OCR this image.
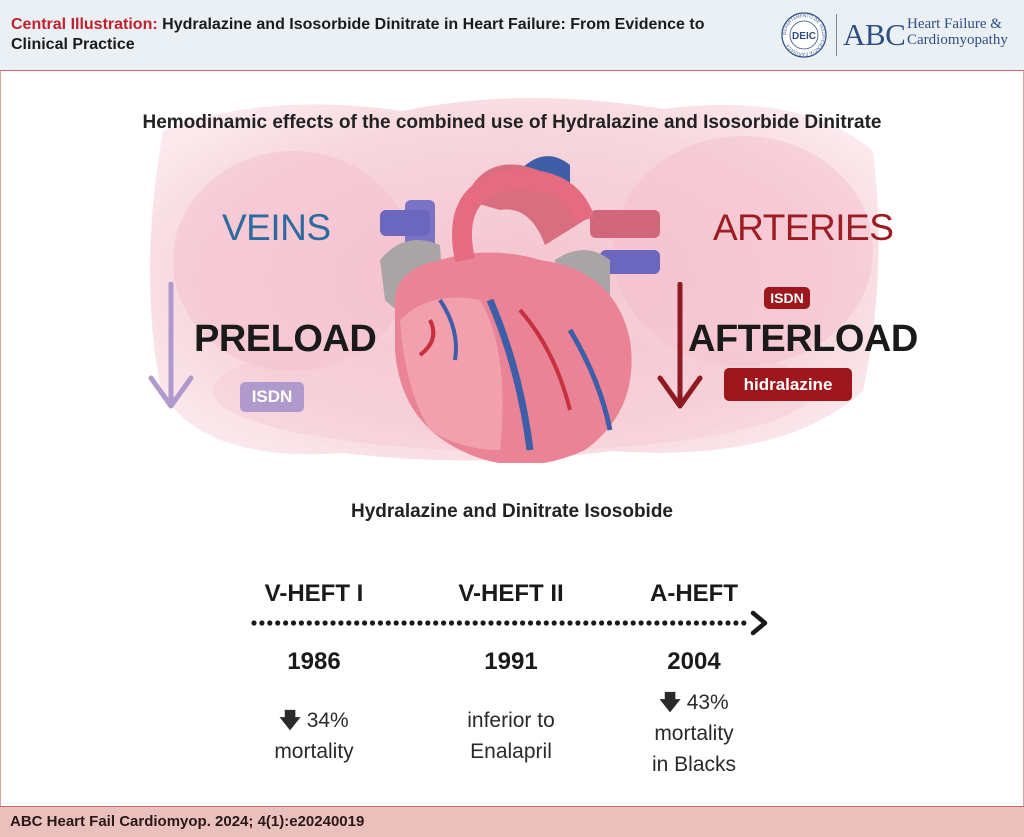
Central Illustration: Hydralazine and Isosorbide Dinitrate in Heart Failure: From Evidence to Clinical Practice
DEPARTAMENTO DE INSUFICIÊNCIA CARDÍACA
DEIC ABC Heart Failure & Cardiomyopathy
Hemodinamic effects of the combined use of Hydralazine and Isosorbide Dinitrate
VEINS	ARTERIES
PRELOAD	AFTERLOAD
ISDN
ISDN
hidralazine
Hydralazine and Dinitrate Isosobide
V-HEFT I
1986
🡇 34%
mortality
V-HEFT II
1991
inferior to
Enalapril
A-HEFT
2004
🡇 43%
mortality
in Blacks
ABC Heart Fail Cardiomyop. 2024; 4(1):e20240019
